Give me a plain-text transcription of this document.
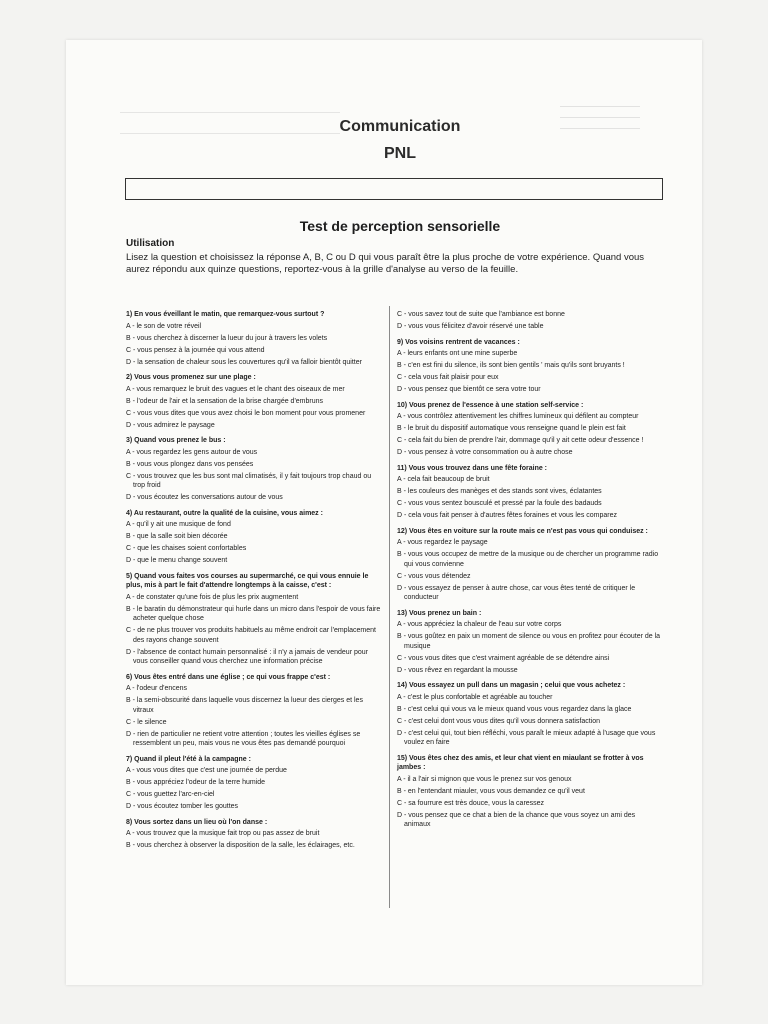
Communication
PNL
Test de perception sensorielle
Utilisation
Lisez la question et choisissez la réponse A, B, C ou D qui vous paraît être la plus proche de votre expérience. Quand vous aurez répondu aux quinze questions, reportez-vous à la grille d'analyse au verso de la feuille.
1) En vous éveillant le matin, que remarquez-vous surtout ?
A - le son de votre réveil
B - vous cherchez à discerner la lueur du jour à travers les volets
C - vous pensez à la journée qui vous attend
D - la sensation de chaleur sous les couvertures qu'il va falloir bientôt quitter
2) Vous vous promenez sur une plage :
A - vous remarquez le bruit des vagues et le chant des oiseaux de mer
B - l'odeur de l'air et la sensation de la brise chargée d'embruns
C - vous vous dites que vous avez choisi le bon moment pour vous promener
D - vous admirez le paysage
3) Quand vous prenez le bus :
A - vous regardez les gens autour de vous
B - vous vous plongez dans vos pensées
C - vous trouvez que les bus sont mal climatisés, il y fait toujours trop chaud ou trop froid
D - vous écoutez les conversations autour de vous
4) Au restaurant, outre la qualité de la cuisine, vous aimez :
A - qu'il y ait une musique de fond
B - que la salle soit bien décorée
C - que les chaises soient confortables
D - que le menu change souvent
5) Quand vous faites vos courses au supermarché, ce qui vous ennuie le plus, mis à part le fait d'attendre longtemps à la caisse, c'est :
A - de constater qu'une fois de plus les prix augmentent
B - le baratin du démonstrateur qui hurle dans un micro dans l'espoir de vous faire acheter quelque chose
C - de ne plus trouver vos produits habituels au même endroit car l'emplacement des rayons change souvent
D - l'absence de contact humain personnalisé : il n'y a jamais de vendeur pour vous conseiller quand vous cherchez une information précise
6) Vous êtes entré dans une église ; ce qui vous frappe c'est :
A - l'odeur d'encens
B - la semi-obscurité dans laquelle vous discernez la lueur des cierges et les vitraux
C - le silence
D - rien de particulier ne retient votre attention ; toutes les vieilles églises se ressemblent un peu, mais vous ne vous êtes pas demandé pourquoi
7) Quand il pleut l'été à la campagne :
A - vous vous dites que c'est une journée de perdue
B - vous appréciez l'odeur de la terre humide
C - vous guettez l'arc-en-ciel
D - vous écoutez tomber les gouttes
8) Vous sortez dans un lieu où l'on danse :
A - vous trouvez que la musique fait trop ou pas assez de bruit
B - vous cherchez à observer la disposition de la salle, les éclairages, etc.
C - vous savez tout de suite que l'ambiance est bonne
D - vous vous félicitez d'avoir réservé une table
9) Vos voisins rentrent de vacances :
A - leurs enfants ont une mine superbe
B - c'en est fini du silence, ils sont bien gentils ' mais qu'ils sont bruyants !
C - cela vous fait plaisir pour eux
D - vous pensez que bientôt ce sera votre tour
10) Vous prenez de l'essence à une station self-service :
A - vous contrôlez attentivement les chiffres lumineux qui défilent au compteur
B - le bruit du dispositif automatique vous renseigne quand le plein est fait
C - cela fait du bien de prendre l'air, dommage qu'il y ait cette odeur d'essence !
D - vous pensez à votre consommation ou à autre chose
11) Vous vous trouvez dans une fête foraine :
A - cela fait beaucoup de bruit
B - les couleurs des manèges et des stands sont vives, éclatantes
C - vous vous sentez bousculé et pressé par la foule des badauds
D - cela vous fait penser à d'autres fêtes foraines et vous les comparez
12) Vous êtes en voiture sur la route mais ce n'est pas vous qui conduisez :
A - vous regardez le paysage
B - vous vous occupez de mettre de la musique ou de chercher un programme radio qui vous convienne
C - vous vous détendez
D - vous essayez de penser à autre chose, car vous êtes tenté de critiquer le conducteur
13) Vous prenez un bain :
A - vous appréciez la chaleur de l'eau sur votre corps
B - vous goûtez en paix un moment de silence ou vous en profitez pour écouter de la musique
C - vous vous dites que c'est vraiment agréable de se détendre ainsi
D - vous rêvez en regardant la mousse
14) Vous essayez un pull dans un magasin ; celui que vous achetez :
A - c'est le plus confortable et agréable au toucher
B - c'est celui qui vous va le mieux quand vous vous regardez dans la glace
C - c'est celui dont vous vous dites qu'il vous donnera satisfaction
D - c'est celui qui, tout bien réfléchi, vous paraît le mieux adapté à l'usage que vous voulez en faire
15) Vous êtes chez des amis, et leur chat vient en miaulant se frotter à vos jambes :
A - il a l'air si mignon que vous le prenez sur vos genoux
B - en l'entendant miauler, vous vous demandez ce qu'il veut
C - sa fourrure est très douce, vous la caressez
D - vous pensez que ce chat a bien de la chance que vous soyez un ami des animaux
